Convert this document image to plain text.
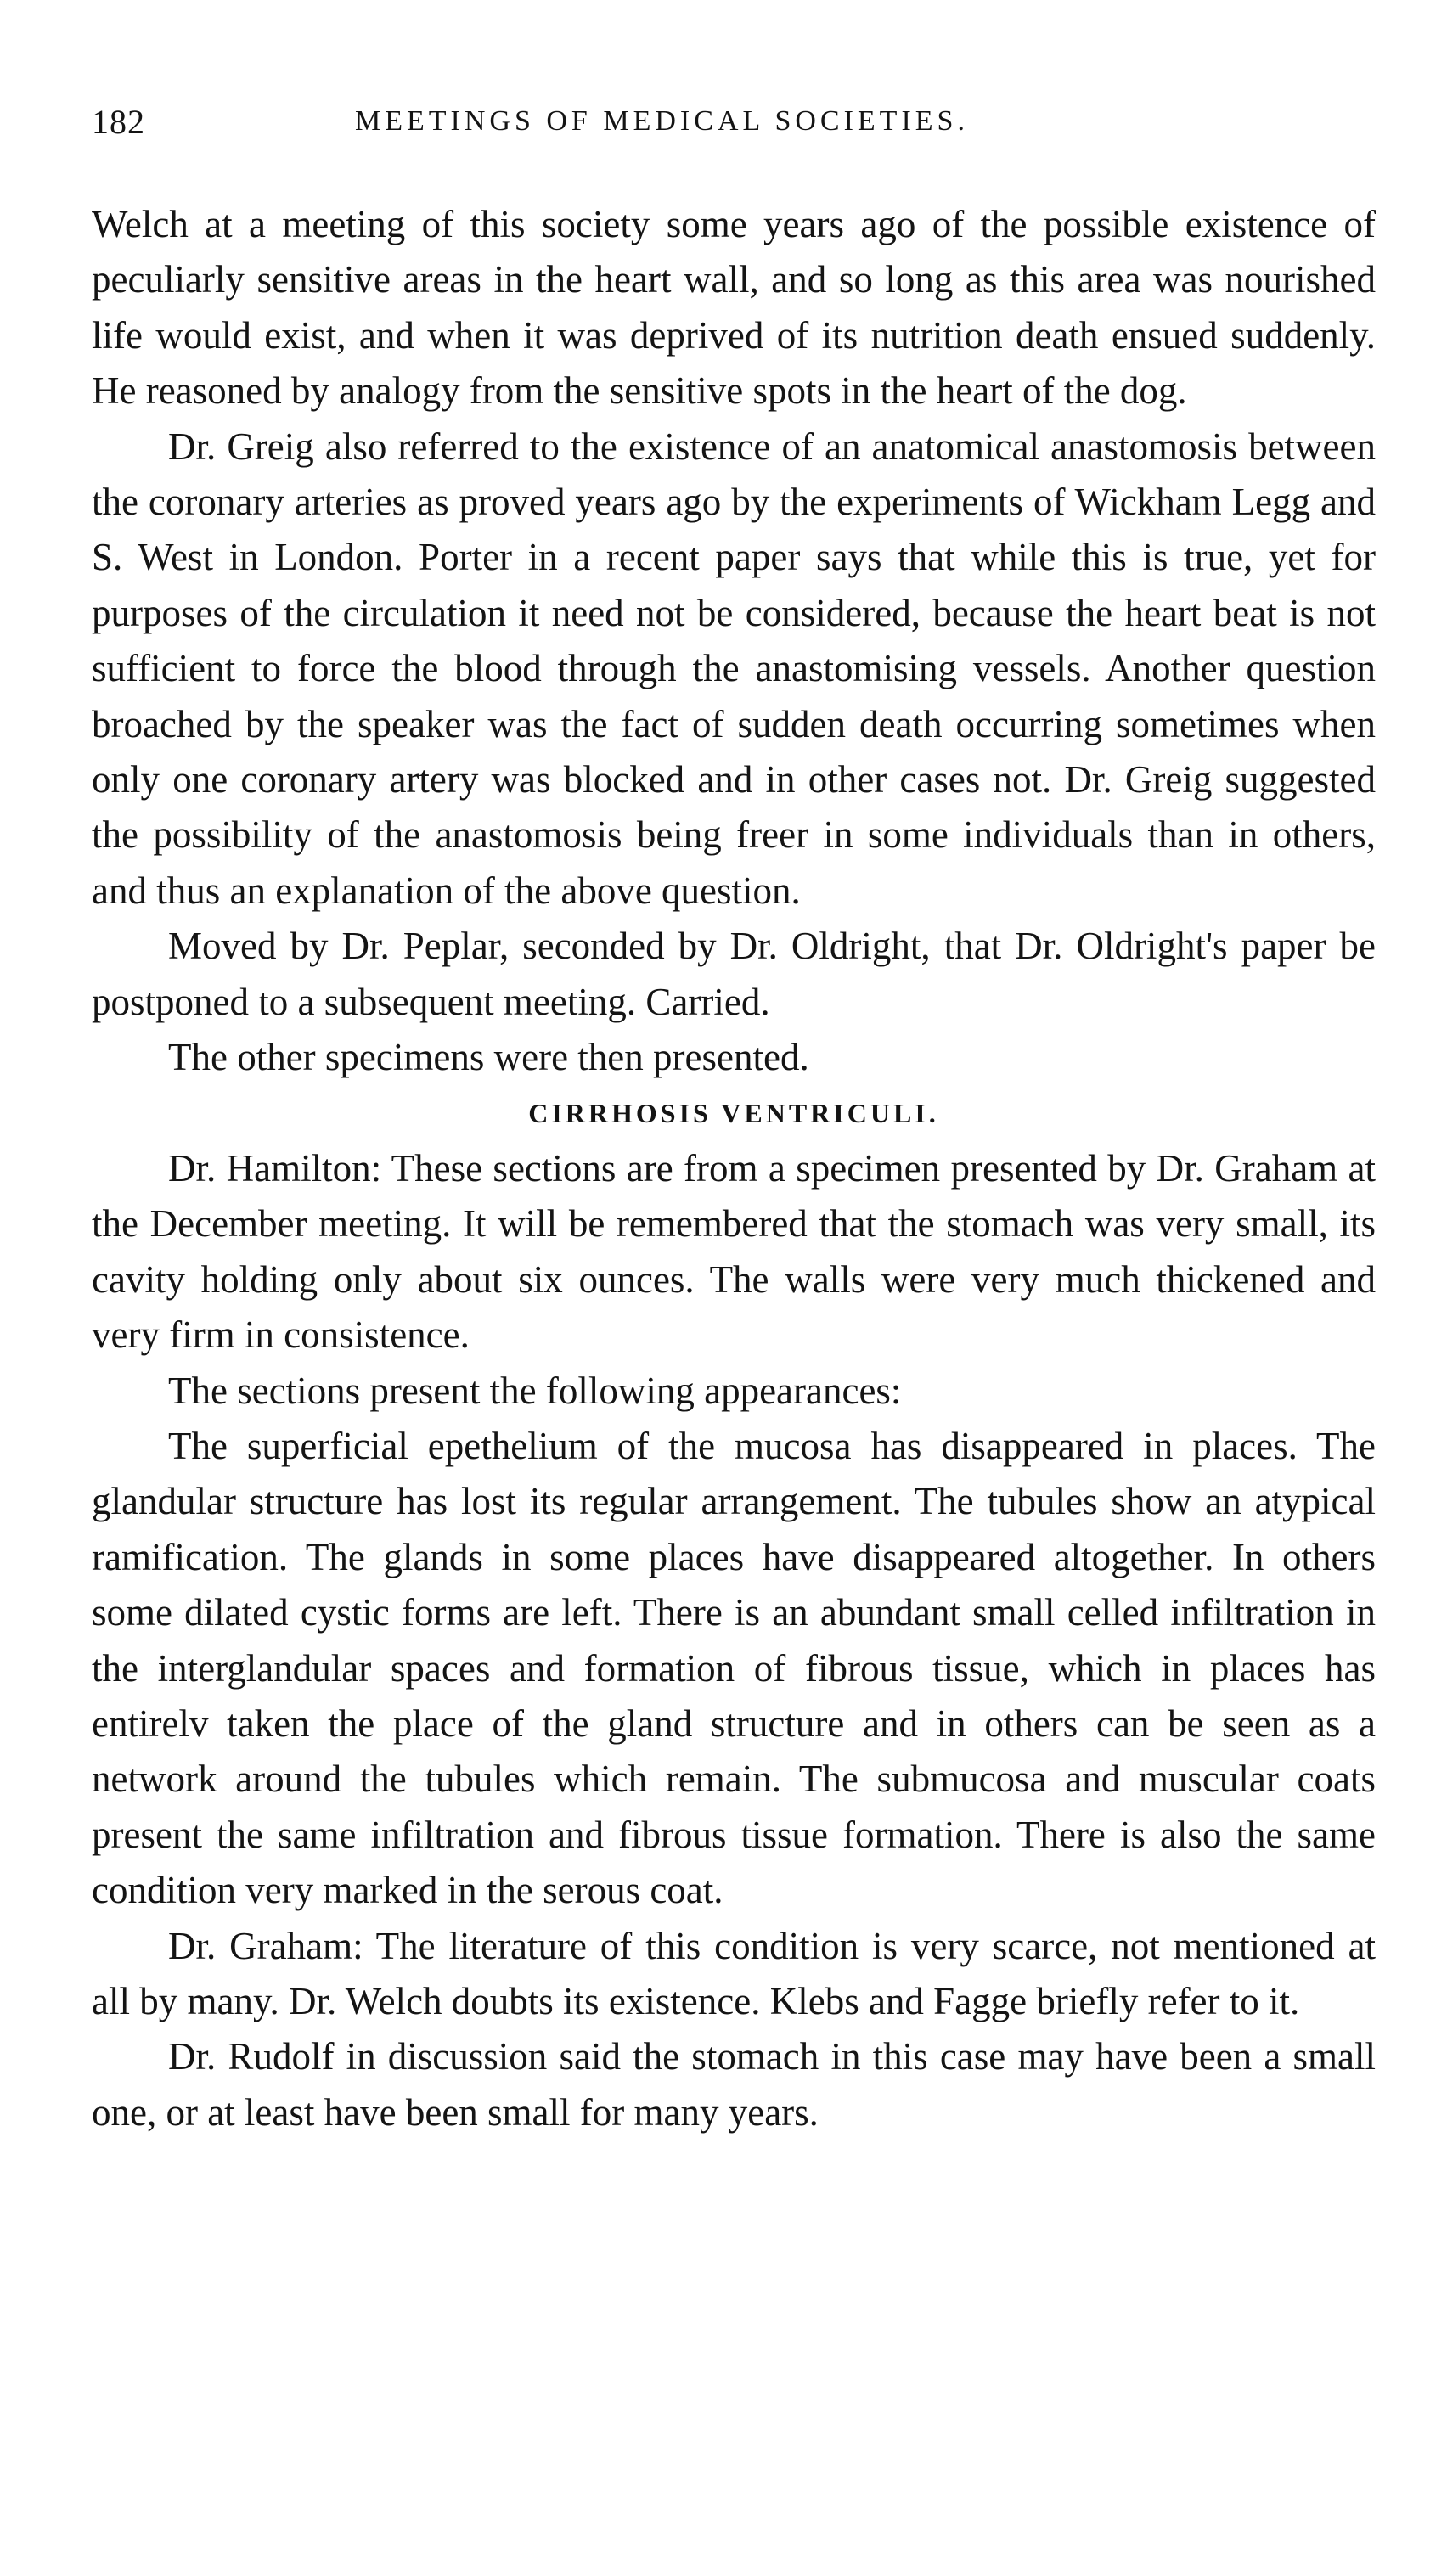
182	MEETINGS OF MEDICAL SOCIETIES.

Welch at a meeting of this society some years ago of the possible existence of peculiarly sensitive areas in the heart wall, and so long as this area was nourished life would exist, and when it was deprived of its nutrition death ensued suddenly. He reasoned by analogy from the sensitive spots in the heart of the dog.

Dr. Greig also referred to the existence of an anatomical anastomosis between the coronary arteries as proved years ago by the experiments of Wickham Legg and S. West in London. Porter in a recent paper says that while this is true, yet for purposes of the circulation it need not be considered, because the heart beat is not sufficient to force the blood through the anastomising vessels. Another question broached by the speaker was the fact of sudden death occurring sometimes when only one coronary artery was blocked and in other cases not. Dr. Greig suggested the possibility of the anastomosis being freer in some individuals than in others, and thus an explanation of the above question.

Moved by Dr. Peplar, seconded by Dr. Oldright, that Dr. Oldright's paper be postponed to a subsequent meeting. Carried.

The other specimens were then presented.

CIRRHOSIS VENTRICULI.

Dr. Hamilton: These sections are from a specimen presented by Dr. Graham at the December meeting. It will be remembered that the stomach was very small, its cavity holding only about six ounces. The walls were very much thickened and very firm in consistence.

The sections present the following appearances:

The superficial epethelium of the mucosa has disappeared in places. The glandular structure has lost its regular arrangement. The tubules show an atypical ramification. The glands in some places have disappeared altogether. In others some dilated cystic forms are left. There is an abundant small celled infiltration in the interglandular spaces and formation of fibrous tissue, which in places has entirelv taken the place of the gland structure and in others can be seen as a network around the tubules which remain. The submucosa and muscular coats present the same infiltration and fibrous tissue formation. There is also the same condition very marked in the serous coat.

Dr. Graham: The literature of this condition is very scarce, not mentioned at all by many. Dr. Welch doubts its existence. Klebs and Fagge briefly refer to it.

Dr. Rudolf in discussion said the stomach in this case may have been a small one, or at least have been small for many years.
